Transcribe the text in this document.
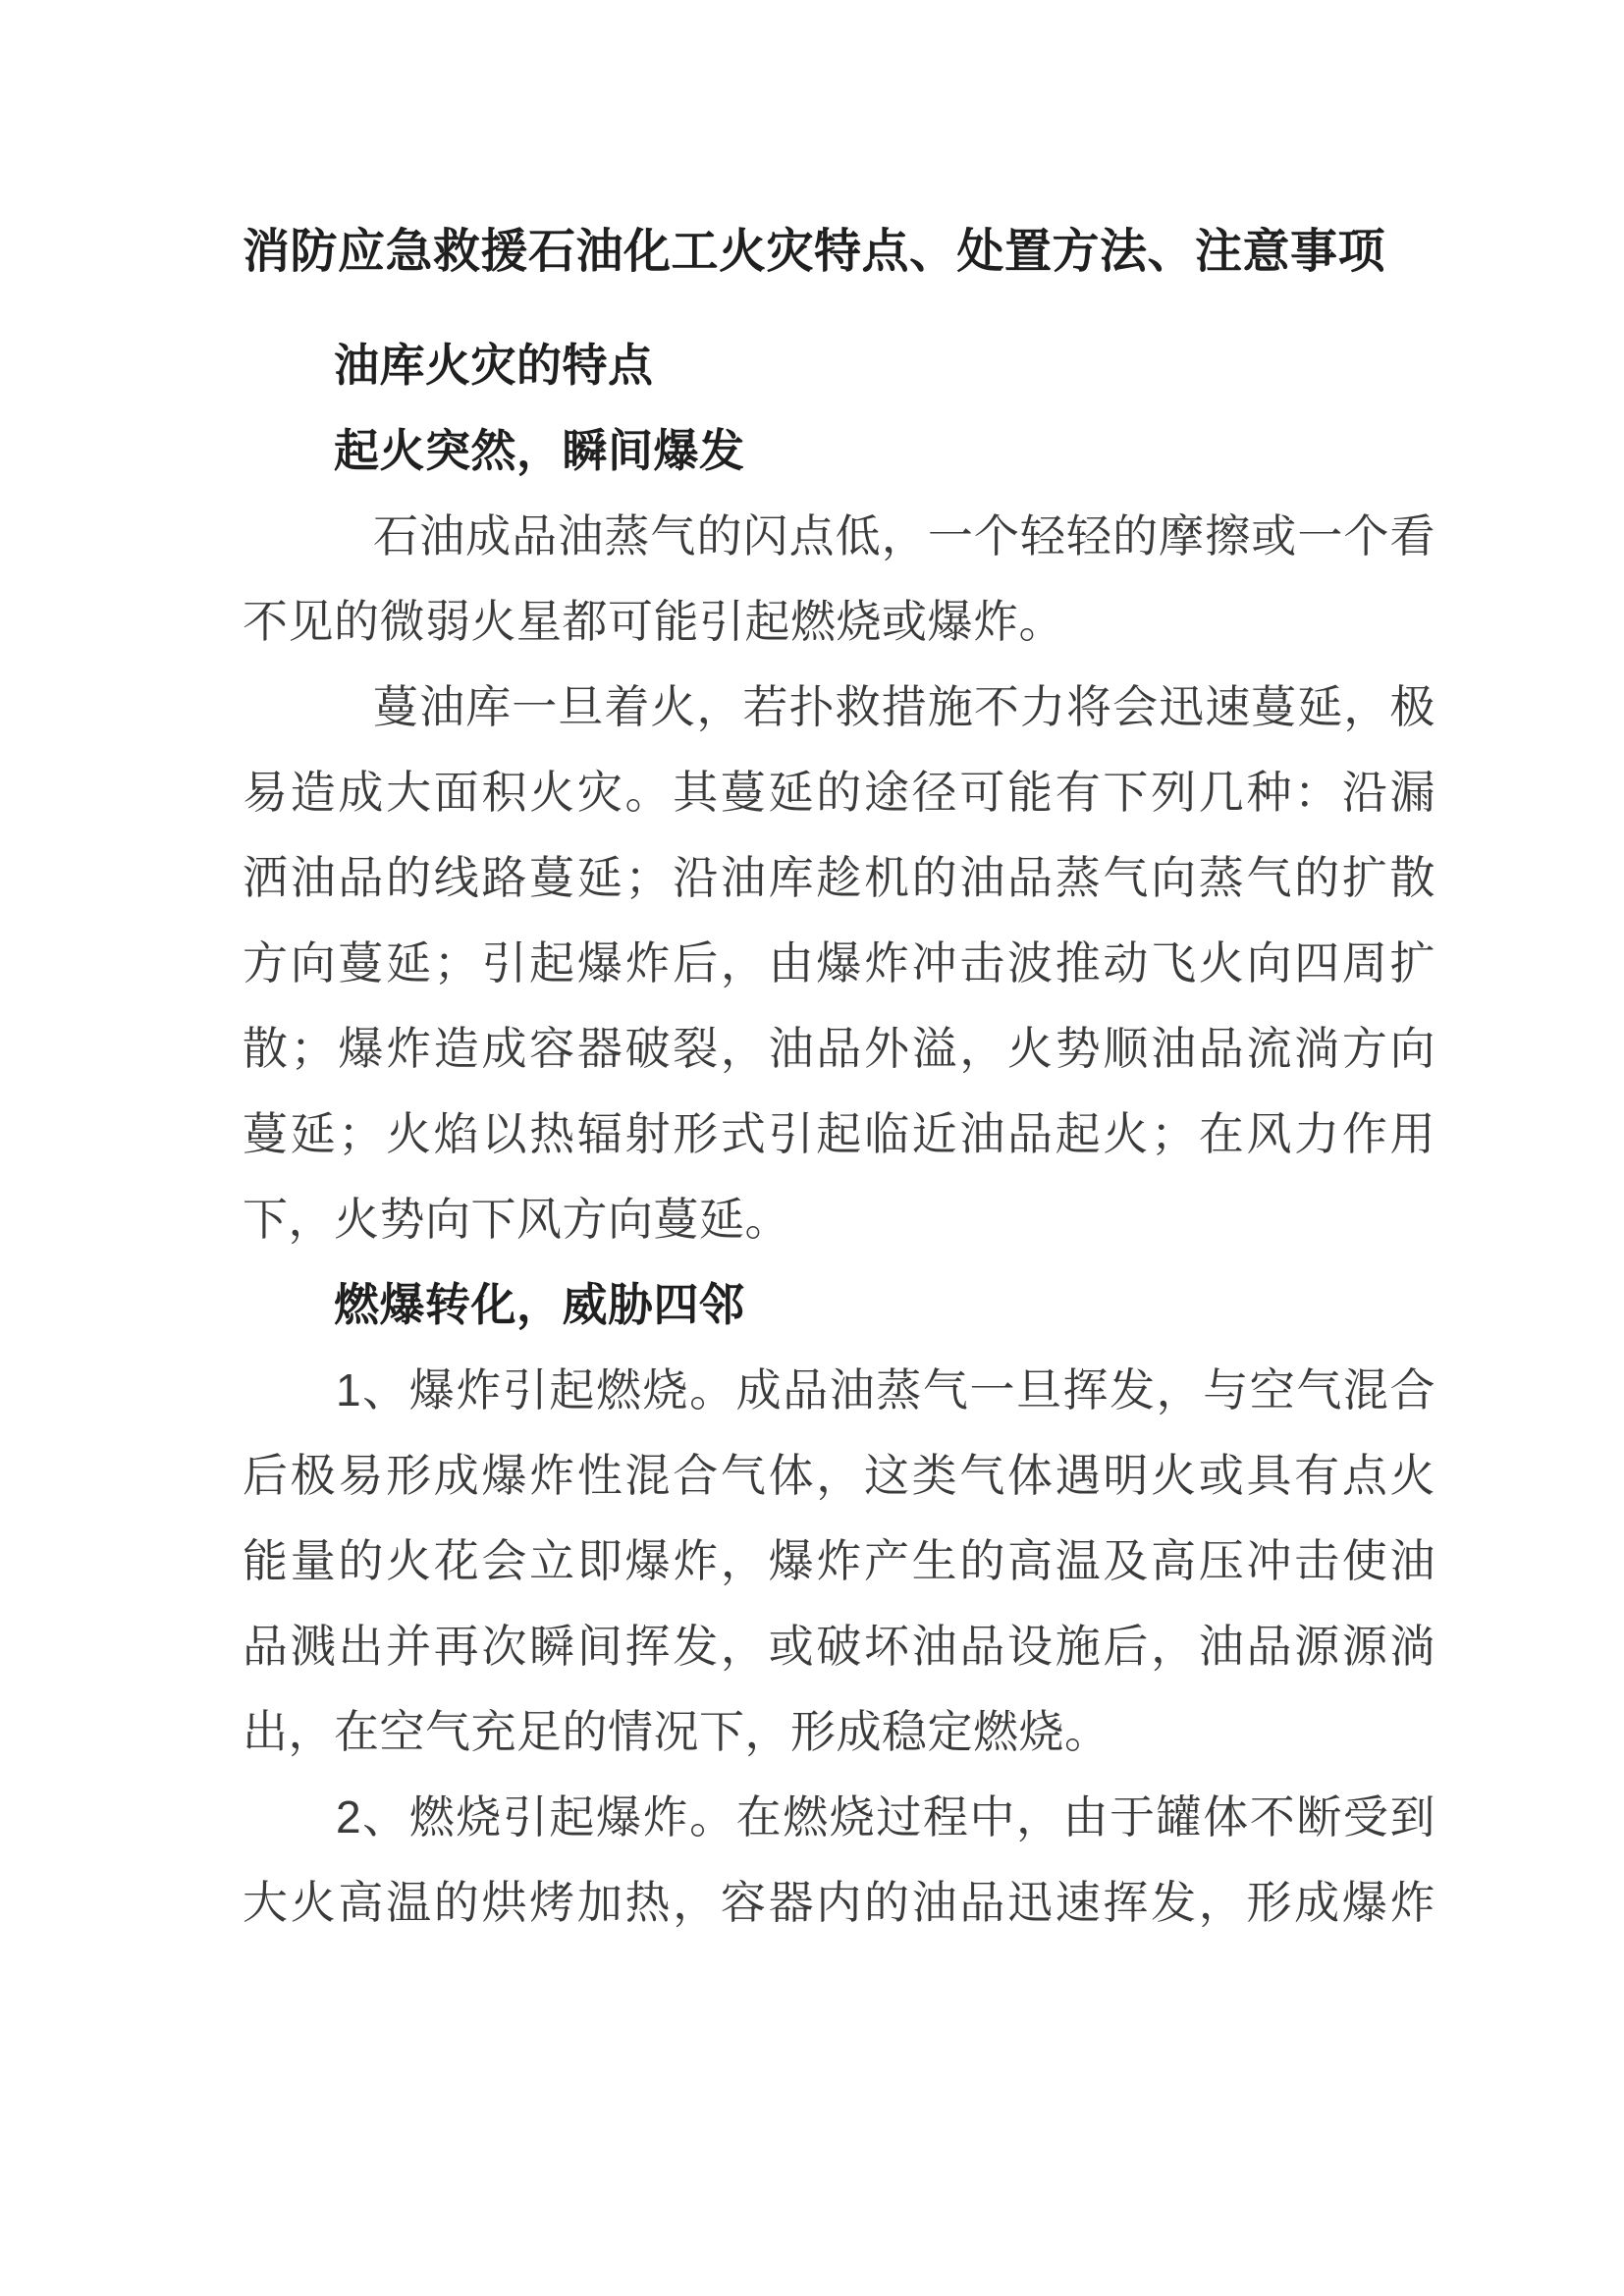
消防应急救援石油化工火灾特点、处置方法、注意事项
油库火灾的特点
起火突然，瞬间爆发
石油成品油蒸气的闪点低，一个轻轻的摩擦或一个看
不见的微弱火星都可能引起燃烧或爆炸。
蔓油库一旦着火，若扑救措施不力将会迅速蔓延，极
易造成大面积火灾。其蔓延的途径可能有下列几种：沿漏
洒油品的线路蔓延；沿油库趁机的油品蒸气向蒸气的扩散
方向蔓延；引起爆炸后，由爆炸冲击波推动飞火向四周扩
散；爆炸造成容器破裂，油品外溢，火势顺油品流淌方向
蔓延；火焰以热辐射形式引起临近油品起火；在风力作用
下，火势向下风方向蔓延。
燃爆转化，威胁四邻
1、爆炸引起燃烧。成品油蒸气一旦挥发，与空气混合
后极易形成爆炸性混合气体，这类气体遇明火或具有点火
能量的火花会立即爆炸，爆炸产生的高温及高压冲击使油
品溅出并再次瞬间挥发，或破坏油品设施后，油品源源淌
出，在空气充足的情况下，形成稳定燃烧。
2、燃烧引起爆炸。在燃烧过程中，由于罐体不断受到
大火高温的烘烤加热，容器内的油品迅速挥发，形成爆炸
